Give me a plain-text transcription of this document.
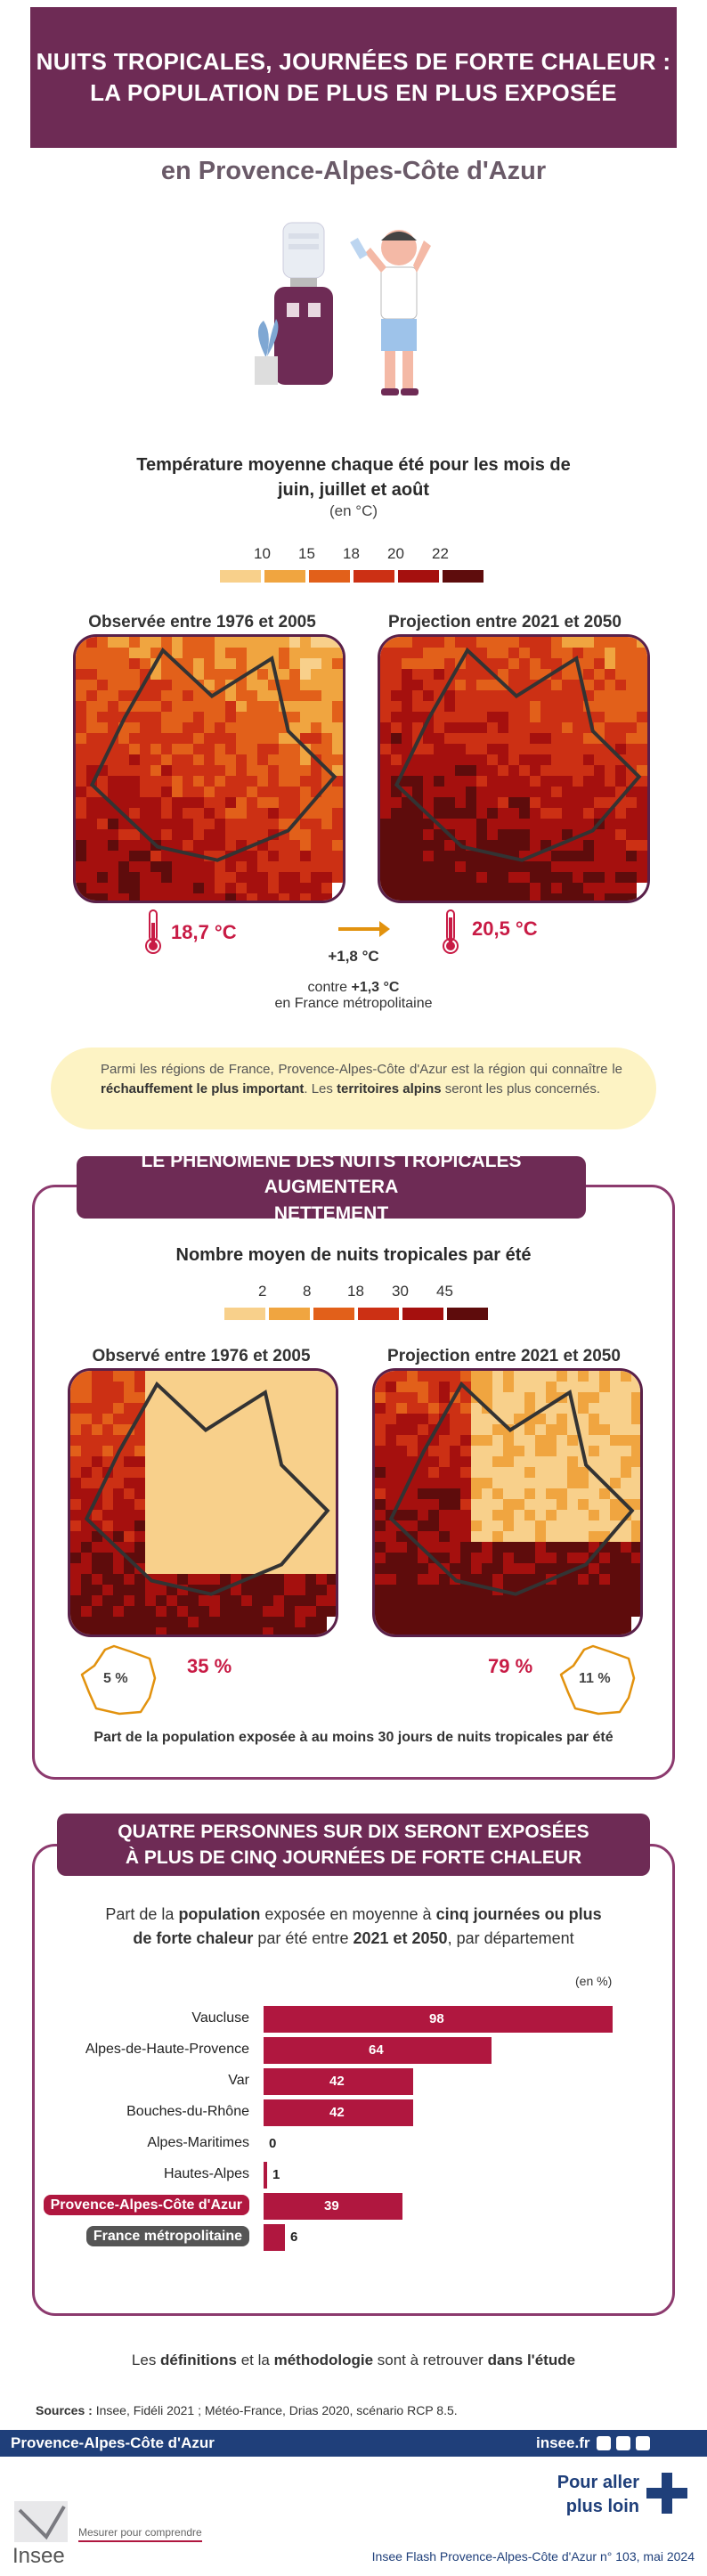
NUITS TROPICALES, JOURNÉES DE FORTE CHALEUR :
LA POPULATION DE PLUS EN PLUS EXPOSÉE
en Provence-Alpes-Côte d'Azur
Température moyenne chaque été pour les mois de
juin, juillet et août
(en °C)
10 15 18 20 22
Observée entre 1976 et 2005	Projection entre 2021 et 2050
18,7 °C	20,5 °C
+1,8 °C
contre +1,3 °C
en France métropolitaine
Parmi les régions de France, Provence-Alpes-Côte d'Azur est la région qui connaître le réchauffement le plus important. Les territoires alpins seront les plus concernés.
LE PHÉNOMÈNE DES NUITS TROPICALES AUGMENTERA
NETTEMENT
Nombre moyen de nuits tropicales par été
2 8 18 30 45
Observé entre 1976 et 2005	Projection entre 2021 et 2050
5 %
35 %	79 %
11 %
Part de la population exposée à au moins 30 jours de nuits tropicales par été
QUATRE PERSONNES SUR DIX SERONT EXPOSÉES
À PLUS DE CINQ JOURNÉES DE FORTE CHALEUR
Part de la population exposée en moyenne à cinq journées ou plus
de forte chaleur par été entre 2021 et 2050, par département
(en %)
Vaucluse	98
Alpes-de-Haute-Provence	64
Var	42
Bouches-du-Rhône	42
Alpes-Maritimes 0
Hautes-Alpes 1
Provence-Alpes-Côte d'Azur	39
France métropolitaine	6
Les définitions et la méthodologie sont à retrouver dans l'étude
Sources : Insee, Fidéli 2021 ; Météo-France, Drias 2020, scénario RCP 8.5.
Provence-Alpes-Côte d'Azur	insee.fr
Pour aller
plus loin
Insee
Mesurer pour comprendre
Insee Flash Provence-Alpes-Côte d'Azur n° 103, mai 2024
